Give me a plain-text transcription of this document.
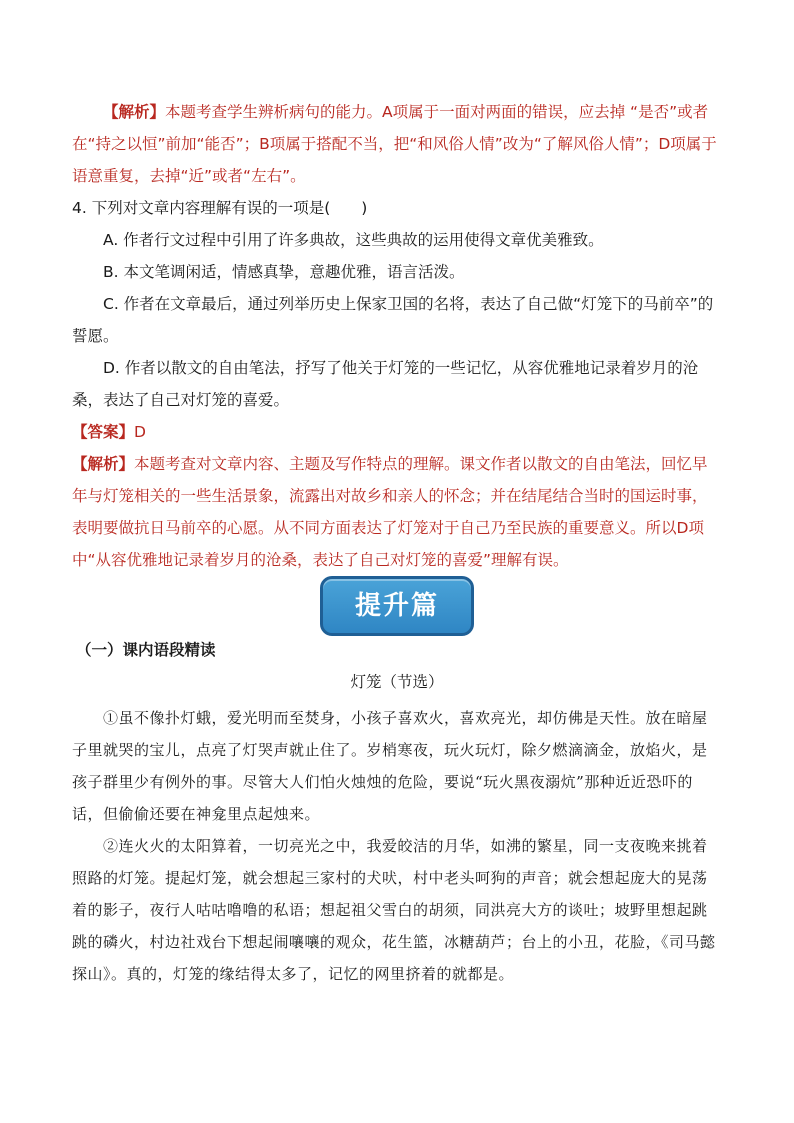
【解析】本题考查学生辨析病句的能力。A项属于一面对两面的错误，应去掉 “是否”或者在“持之以恒”前加“能否”；B项属于搭配不当，把“和风俗人情”改为“了解风俗人情”；D项属于语意重复，去掉“近”或者“左右”。

4. 下列对文章内容理解有误的一项是(　　)

A. 作者行文过程中引用了许多典故，这些典故的运用使得文章优美雅致。

B. 本文笔调闲适，情感真挚，意趣优雅，语言活泼。

C. 作者在文章最后，通过列举历史上保家卫国的名将，表达了自己做“灯笼下的马前卒”的誓愿。

D. 作者以散文的自由笔法，抒写了他关于灯笼的一些记忆，从容优雅地记录着岁月的沧桑，表达了自己对灯笼的喜爱。

【答案】D

【解析】本题考查对文章内容、主题及写作特点的理解。课文作者以散文的自由笔法，回忆早年与灯笼相关的一些生活景象，流露出对故乡和亲人的怀念；并在结尾结合当时的国运时事，表明要做抗日马前卒的心愿。从不同方面表达了灯笼对于自己乃至民族的重要意义。所以D项中“从容优雅地记录着岁月的沧桑，表达了自己对灯笼的喜爱”理解有误。

提升篇
（一）课内语段精读
灯笼（节选）

①虽不像扑灯蛾，爱光明而至焚身，小孩子喜欢火，喜欢亮光，却仿佛是天性。放在暗屋子里就哭的宝儿，点亮了灯哭声就止住了。岁梢寒夜，玩火玩灯，除夕燃滴滴金，放焰火，是孩子群里少有例外的事。尽管大人们怕火烛烛的危险，要说“玩火黑夜溺炕”那种近近恐吓的话，但偷偷还要在神龛里点起烛来。

②连火火的太阳算着，一切亮光之中，我爱皎洁的月华，如沸的繁星，同一支夜晚来挑着照路的灯笼。提起灯笼，就会想起三家村的犬吠，村中老头呵狗的声音；就会想起庞大的晃荡着的影子，夜行人咕咕噜噜的私语；想起祖父雪白的胡须，同洪亮大方的谈吐；坡野里想起跳跳的磷火，村边社戏台下想起闹嚷嚷的观众，花生篮，冰糖葫芦；台上的小丑，花脸，《司马懿探山》。真的，灯笼的缘结得太多了，记忆的网里挤着的就都是。
